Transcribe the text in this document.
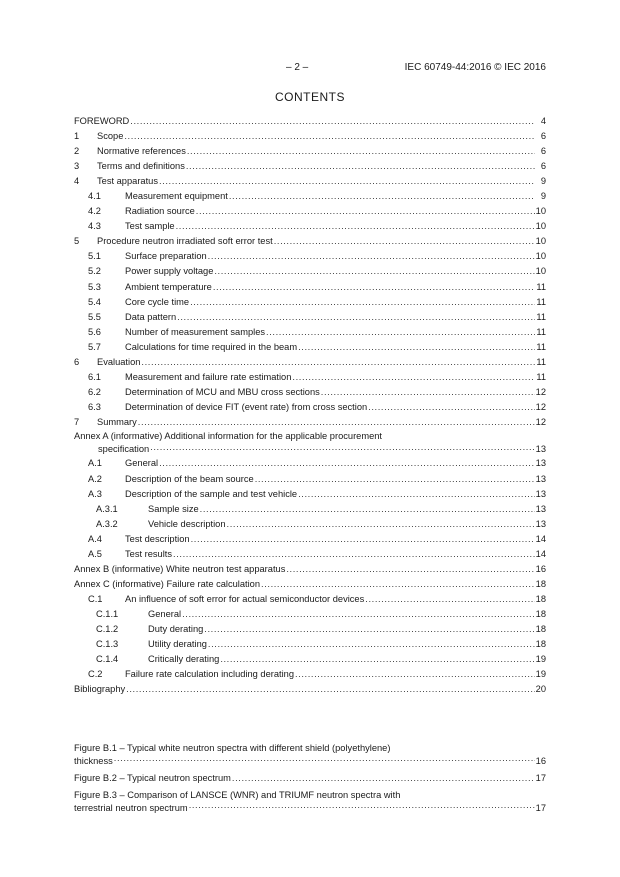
– 2 –	IEC 60749-44:2016 © IEC 2016
CONTENTS
FOREWORD .....	4
1	Scope .....	6
2	Normative references .....	6
3	Terms and definitions .....	6
4	Test apparatus .....	9
4.1	Measurement equipment .....	9
4.2	Radiation source .....	10
4.3	Test sample .....	10
5	Procedure neutron irradiated soft error test .....	10
5.1	Surface preparation .....	10
5.2	Power supply voltage .....	10
5.3	Ambient temperature .....	11
5.4	Core cycle time .....	11
5.5	Data pattern .....	11
5.6	Number of measurement samples .....	11
5.7	Calculations for time required in the beam .....	11
6	Evaluation .....	11
6.1	Measurement and failure rate estimation .....	11
6.2	Determination of MCU and MBU cross sections .....	12
6.3	Determination of device FIT (event rate) from cross section .....	12
7	Summary .....	12
Annex A (informative) Additional information for the applicable procurement
specification .....	13
A.1	General .....	13
A.2	Description of the beam source .....	13
A.3	Description of the sample and test vehicle .....	13
A.3.1	Sample size .....	13
A.3.2	Vehicle description .....	13
A.4	Test description .....	14
A.5	Test results .....	14
Annex B (informative) White neutron test apparatus .....	16
Annex C (informative) Failure rate calculation .....	18
C.1	An influence of soft error for actual semiconductor devices .....	18
C.1.1	General .....	18
C.1.2	Duty derating .....	18
C.1.3	Utility derating .....	18
C.1.4	Critically derating .....	19
C.2	Failure rate calculation including derating .....	19
Bibliography .....	20
Figure B.1 – Typical white neutron spectra with different shield (polyethylene)
thickness .....	16
Figure B.2 – Typical neutron spectrum .....	17
Figure B.3 – Comparison of LANSCE (WNR) and TRIUMF neutron spectra with
terrestrial neutron spectrum .....	17
